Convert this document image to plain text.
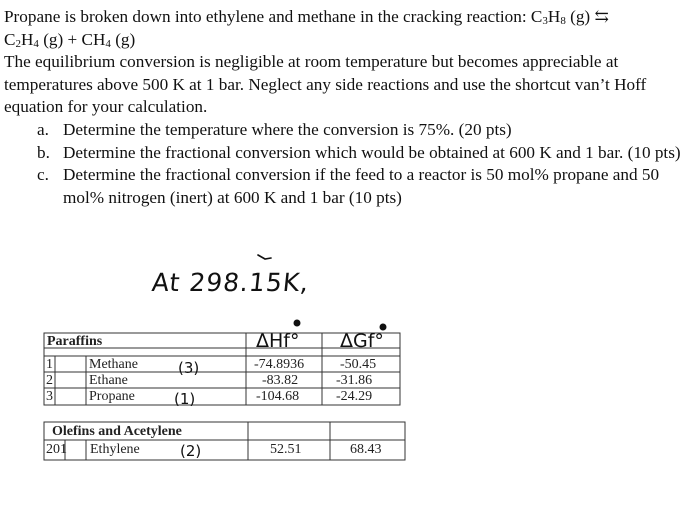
Propane is broken down into ethylene and methane in the cracking reaction: $C_3H_8$ (g) ⇆

$C_2H_4$ $(g) + CH_4$ (g)

The equilibrium conversion is negligible at room temperature but becomes appreciable at temperatures above 500 K at 1 bar. Neglect any side reactions and use the shortcut van’t Hoff equation for your calculation.

a. Determine the temperature where the conversion is 75%. (20 pts)
b. Determine the fractional conversion which would be obtained at 600 K and 1 bar. (10 pts)
c. Determine the fractional conversion if the feed to a reactor is 50 mol% propane and 50 mol% nitrogen (inert) at 600 K and 1 bar (10 pts)
At 298.15K,
ΔHf° ΔGf°
Paraffins
1	Methane	-74.8936	-50.45
(3)
2	Ethane	-83.82	-31.86
3	Propane	-104.68	-24.29
(1)
Olefins and Acetylene
201 Ethylene	52.51	68.43
(2)
